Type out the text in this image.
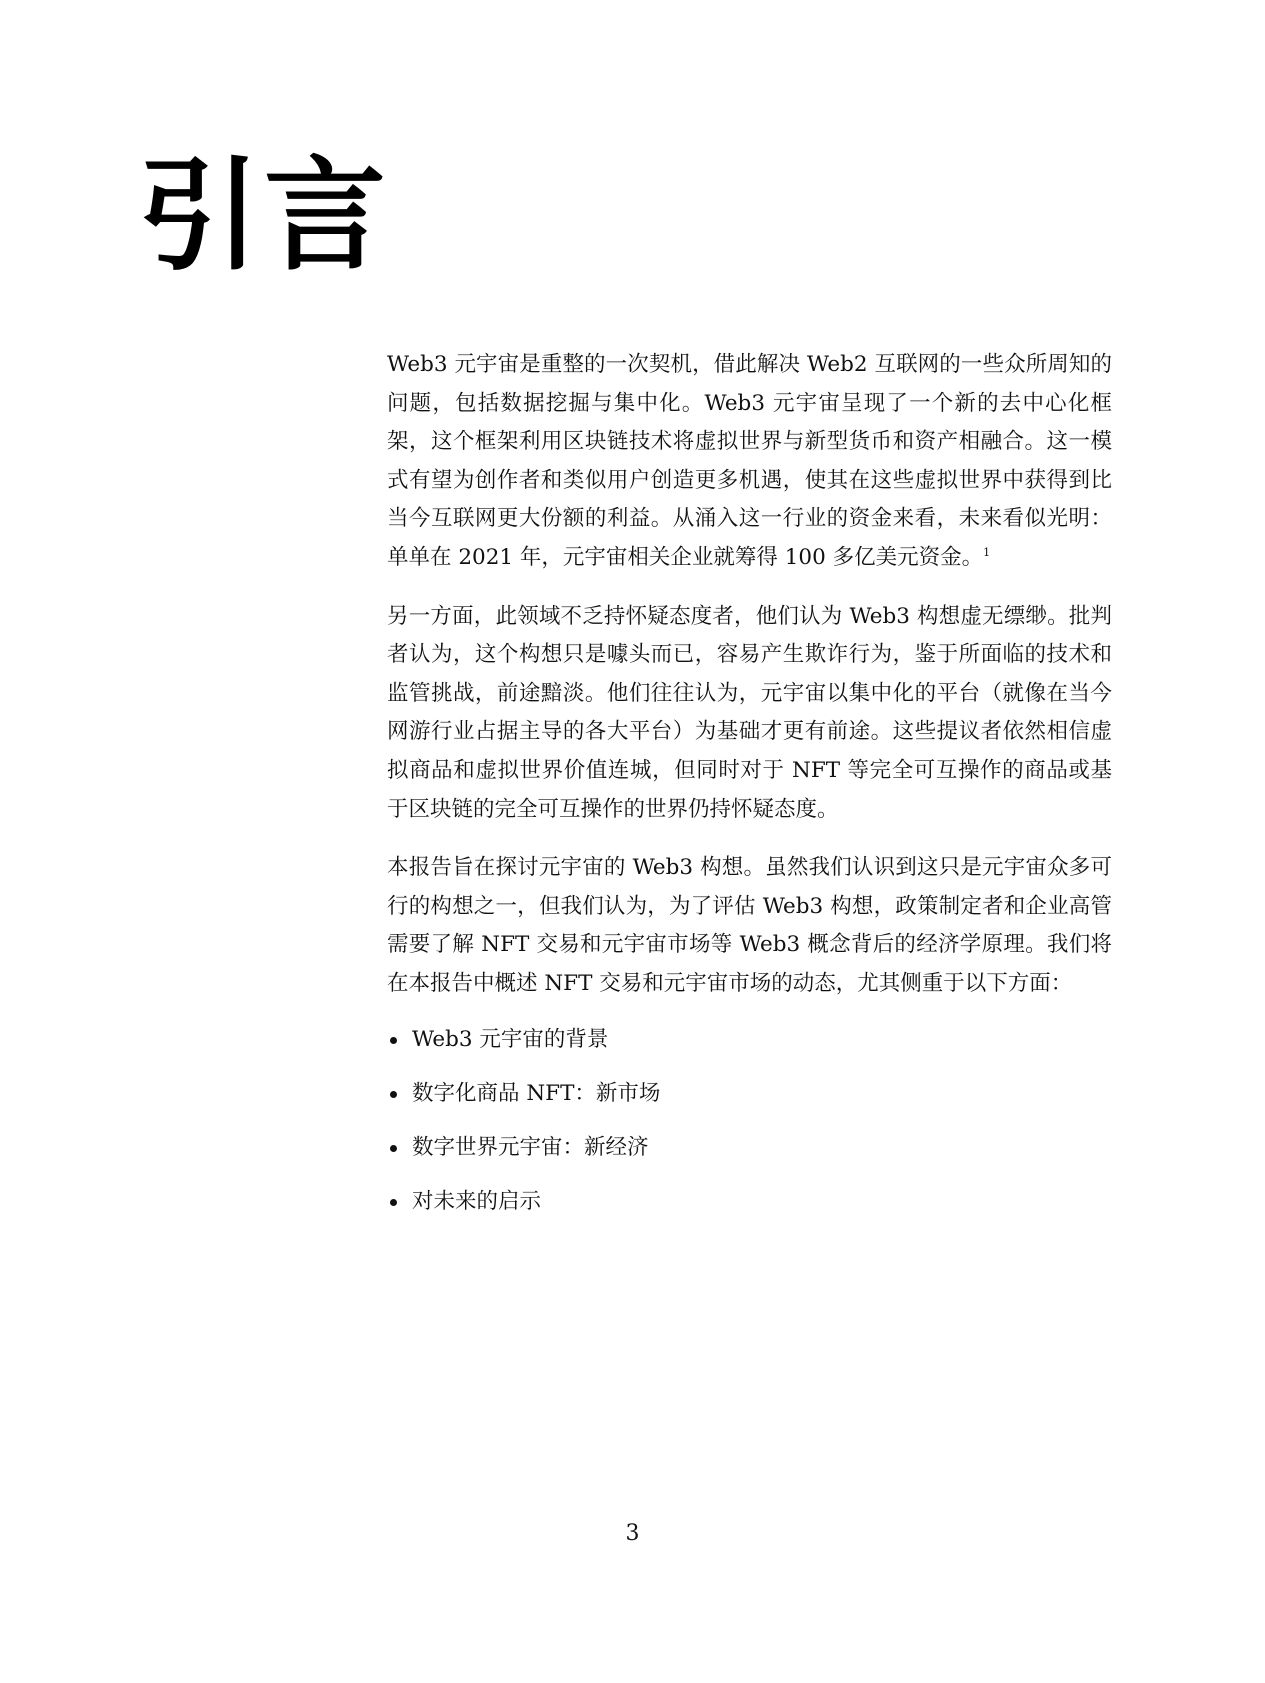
引言

Web3 元宇宙是重整的一次契机，借此解决 Web2 互联网的一些众所周知的问题，包括数据挖掘与集中化。Web3 元宇宙呈现了一个新的去中心化框架，这个框架利用区块链技术将虚拟世界与新型货币和资产相融合。这一模式有望为创作者和类似用户创造更多机遇，使其在这些虚拟世界中获得到比当今互联网更大份额的利益。从涌入这一行业的资金来看，未来看似光明：单单在 2021 年，元宇宙相关企业就筹得 100 多亿美元资金。$^1$

另一方面，此领域不乏持怀疑态度者，他们认为 Web3 构想虚无缥缈。批判者认为，这个构想只是噱头而已，容易产生欺诈行为，鉴于所面临的技术和监管挑战，前途黯淡。他们往往认为，元宇宙以集中化的平台（就像在当今网游行业占据主导的各大平台）为基础才更有前途。这些提议者依然相信虚拟商品和虚拟世界价值连城，但同时对于 NFT 等完全可互操作的商品或基于区块链的完全可互操作的世界仍持怀疑态度。

本报告旨在探讨元宇宙的 Web3 构想。虽然我们认识到这只是元宇宙众多可行的构想之一，但我们认为，为了评估 Web3 构想，政策制定者和企业高管需要了解 NFT 交易和元宇宙市场等 Web3 概念背后的经济学原理。我们将在本报告中概述 NFT 交易和元宇宙市场的动态，尤其侧重于以下方面：

Web3 元宇宙的背景
数字化商品 NFT：新市场
数字世界元宇宙：新经济
对未来的启示
3
